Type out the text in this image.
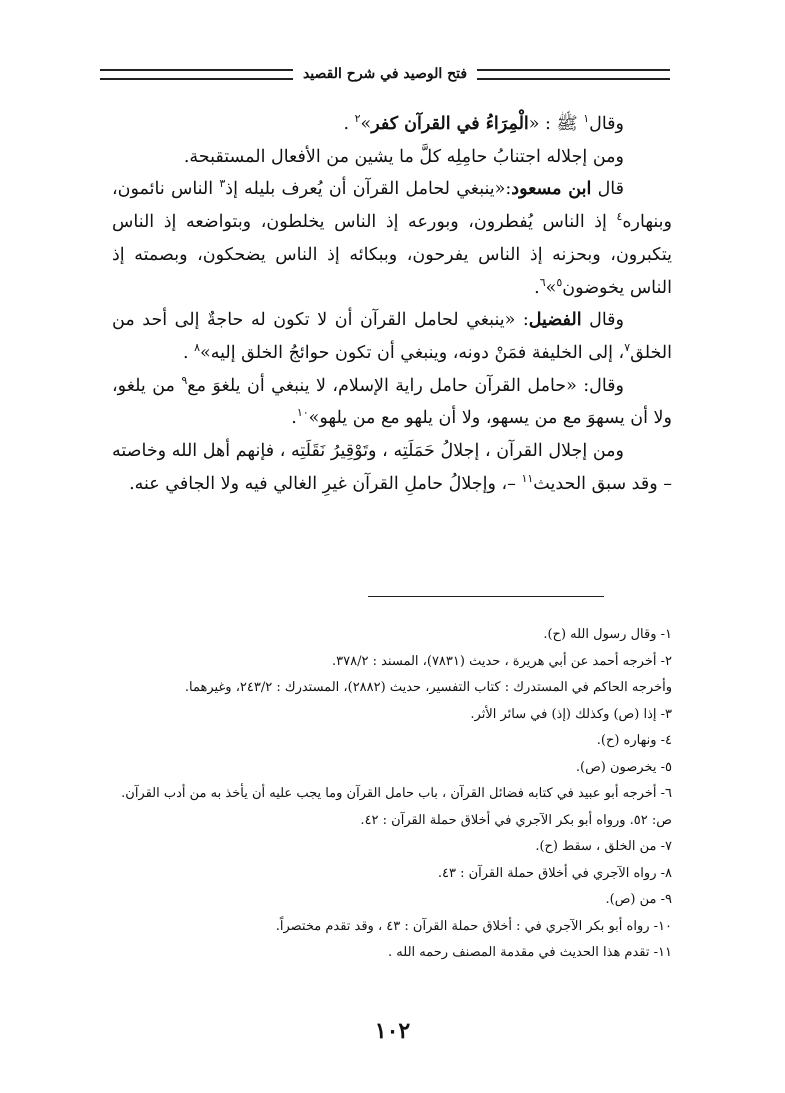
فتح الوصيد في شرح القصيد

وقال$^١$ ﷺ : «الْمِرَاءُ في القرآن كفر»$^٢$ .

ومن إجلاله اجتنابُ حامِلِه كلَّ ما يشين من الأفعال المستقبحة.

قال ابن مسعود:«ينبغي لحامل القرآن أن يُعرف بليله إذ$^٣$ الناس نائمون، وبنهاره$^٤$ إذ الناس يُفطرون، وبورعه إذ الناس يخلطون، وبتواضعه إذ الناس يتكبرون، وبحزنه إذ الناس يفرحون، وببكائه إذ الناس يضحكون، وبصمته إذ الناس يخوضون$^٥$»$^٦$.

وقال الفضيل: «ينبغي لحامل القرآن أن لا تكون له حاجةٌ إلى أحد من الخلق$^٧$، إلى الخليفة فمَنْ دونه، وينبغي أن تكون حوائجُ الخلق إليه»$^٨$ .

وقال: «حامل القرآن حامل راية الإسلام، لا ينبغي أن يلغوَ مع$^٩$ من يلغو، ولا أن يسهوَ مع من يسهو، ولا أن يلهو مع من يلهو»$^{١٠}$.

ومن إجلال القرآن ، إجلالُ حَمَلَتِه ، وتَوْقِيرُ نَقَلَتِه ، فإنهم أهل الله وخاصته – وقد سبق الحديث$^{١١}$ –، وإجلالُ حاملِ القرآن غيرِ الغالي فيه ولا الجافي عنه.

١- وقال رسول الله (ح).

٢- أخرجه أحمد عن أبي هريرة ، حديث (٧٨٣١)، المسند : ٣٧٨/٢.

وأخرجه الحاكم في المستدرك : كتاب التفسير، حديث (٢٨٨٢)، المستدرك : ٢٤٣/٢، وغيرهما.

٣- إذا (ص) وكذلك (إذ) في سائر الأثر.

٤- ونهاره (ح).

٥- يخرصون (ص).

٦- أخرجه أبو عبيد في كتابه فضائل القرآن ، باب حامل القرآن وما يجب عليه أن يأخذ به من أدب القرآن. ص: ٥٢. ورواه أبو بكر الآجري في أخلاق حملة القرآن : ٤٢.

٧- من الخلق ، سقط (ح).

٨- رواه الآجري في أخلاق حملة القرآن : ٤٣.

٩- من (ص).

١٠- رواه أبو بكر الآجري في : أخلاق حملة القرآن : ٤٣ ، وقد تقدم مختصراً.

١١- تقدم هذا الحديث في مقدمة المصنف رحمه الله .

١٠٢
